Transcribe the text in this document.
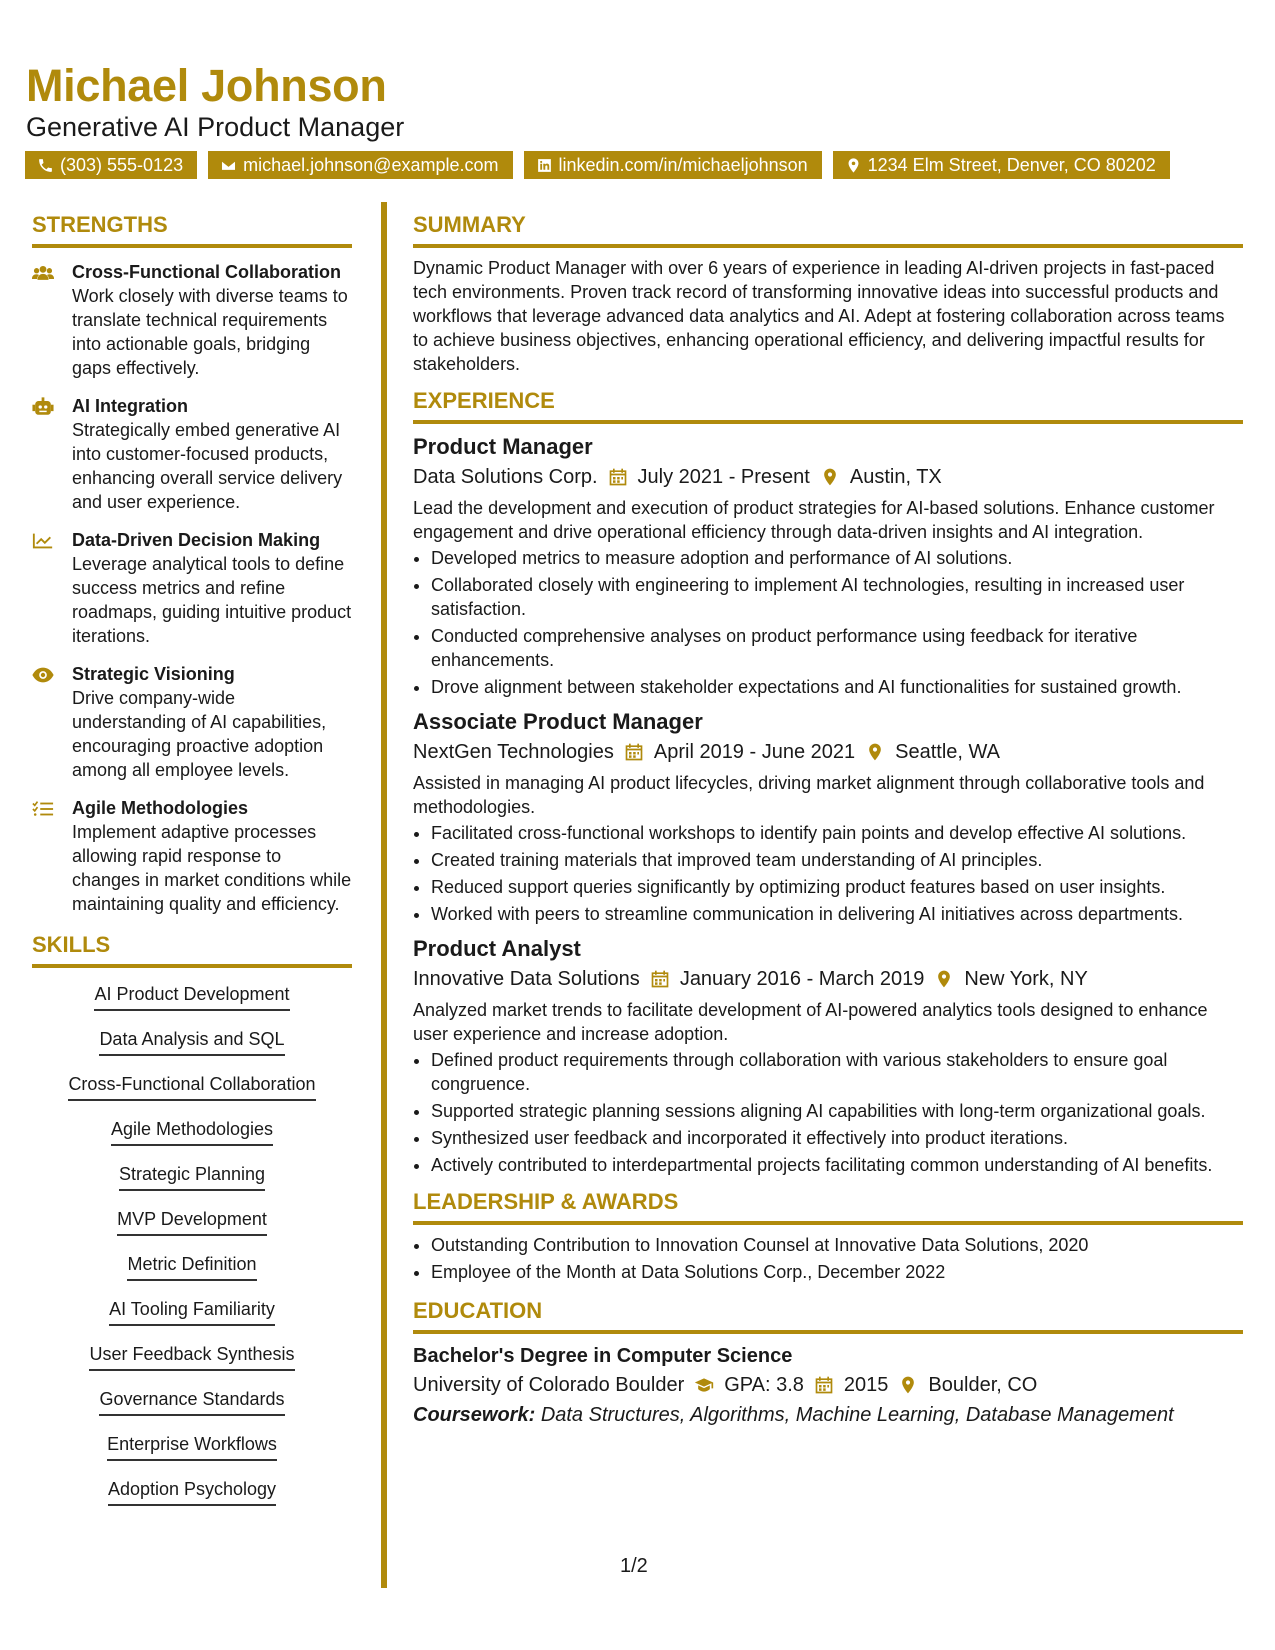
Michael Johnson
Generative AI Product Manager
(303) 555-0123	michael.johnson@example.com	linkedin.com/in/michaeljohnson	1234 Elm Street, Denver, CO 80202
STRENGTHS
Cross-Functional Collaboration
Work closely with diverse teams to translate technical requirements into actionable goals, bridging gaps effectively.
AI Integration
Strategically embed generative AI into customer-focused products, enhancing overall service delivery and user experience.
Data-Driven Decision Making
Leverage analytical tools to define success metrics and refine roadmaps, guiding intuitive product iterations.
Strategic Visioning
Drive company-wide understanding of AI capabilities, encouraging proactive adoption among all employee levels.
Agile Methodologies
Implement adaptive processes allowing rapid response to changes in market conditions while maintaining quality and efficiency.
SKILLS
AI Product Development
Data Analysis and SQL
Cross-Functional Collaboration
Agile Methodologies
Strategic Planning
MVP Development
Metric Definition
AI Tooling Familiarity
User Feedback Synthesis
Governance Standards
Enterprise Workflows
Adoption Psychology
SUMMARY
Dynamic Product Manager with over 6 years of experience in leading AI-driven projects in fast-paced tech environments. Proven track record of transforming innovative ideas into successful products and workflows that leverage advanced data analytics and AI. Adept at fostering collaboration across teams to achieve business objectives, enhancing operational efficiency, and delivering impactful results for stakeholders.
EXPERIENCE
Product Manager
Data Solutions Corp. July 2021 - Present Austin, TX
Lead the development and execution of product strategies for AI-based solutions. Enhance customer engagement and drive operational efficiency through data-driven insights and AI integration.
• Developed metrics to measure adoption and performance of AI solutions.
• Collaborated closely with engineering to implement AI technologies, resulting in increased user satisfaction.
• Conducted comprehensive analyses on product performance using feedback for iterative enhancements.
• Drove alignment between stakeholder expectations and AI functionalities for sustained growth.
Associate Product Manager
NextGen Technologies April 2019 - June 2021 Seattle, WA
Assisted in managing AI product lifecycles, driving market alignment through collaborative tools and methodologies.
• Facilitated cross-functional workshops to identify pain points and develop effective AI solutions.
• Created training materials that improved team understanding of AI principles.
• Reduced support queries significantly by optimizing product features based on user insights.
• Worked with peers to streamline communication in delivering AI initiatives across departments.
Product Analyst
Innovative Data Solutions January 2016 - March 2019 New York, NY
Analyzed market trends to facilitate development of AI-powered analytics tools designed to enhance user experience and increase adoption.
• Defined product requirements through collaboration with various stakeholders to ensure goal congruence.
• Supported strategic planning sessions aligning AI capabilities with long-term organizational goals.
• Synthesized user feedback and incorporated it effectively into product iterations.
• Actively contributed to interdepartmental projects facilitating common understanding of AI benefits.
LEADERSHIP & AWARDS
• Outstanding Contribution to Innovation Counsel at Innovative Data Solutions, 2020
• Employee of the Month at Data Solutions Corp., December 2022
EDUCATION
Bachelor's Degree in Computer Science
University of Colorado Boulder GPA: 3.8 2015 Boulder, CO
Coursework: Data Structures, Algorithms, Machine Learning, Database Management
1/2
